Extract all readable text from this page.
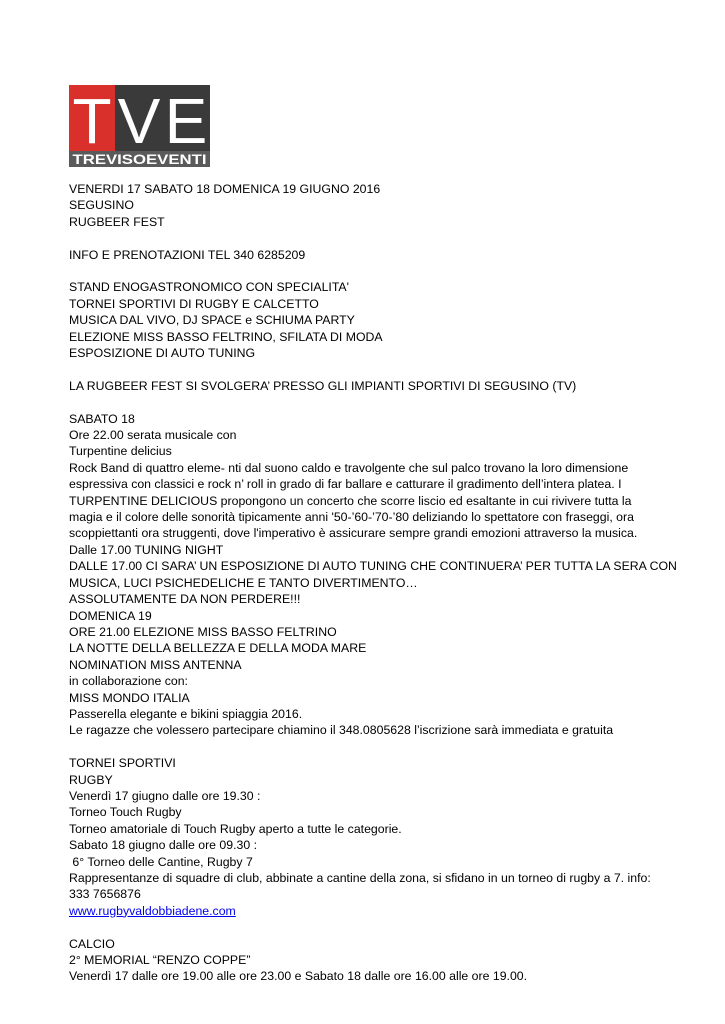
T V E
TREVISOEVENTI
VENERDI 17 SABATO 18 DOMENICA 19 GIUGNO 2016
SEGUSINO
RUGBEER FEST
INFO E PRENOTAZIONI TEL 340 6285209
STAND ENOGASTRONOMICO CON SPECIALITA'
TORNEI SPORTIVI DI RUGBY E CALCETTO
MUSICA DAL VIVO, DJ SPACE e SCHIUMA PARTY
ELEZIONE MISS BASSO FELTRINO, SFILATA DI MODA
ESPOSIZIONE DI AUTO TUNING
LA RUGBEER FEST SI SVOLGERA’ PRESSO GLI IMPIANTI SPORTIVI DI SEGUSINO (TV)
SABATO 18
Ore 22.00 serata musicale con
Turpentine delicius
Rock Band di quattro eleme- nti dal suono caldo e travolgente che sul palco trovano la loro dimensione
espressiva con classici e rock n’ roll in grado di far ballare e catturare il gradimento dell’intera platea. I
TURPENTINE DELICIOUS propongono un concerto che scorre liscio ed esaltante in cui rivivere tutta la
magia e il colore delle sonorità tipicamente anni '50-’60-’70-’80 deliziando lo spettatore con fraseggi, ora
scoppiettanti ora struggenti, dove l'imperativo è assicurare sempre grandi emozioni attraverso la musica.
Dalle 17.00 TUNING NIGHT
DALLE 17.00 CI SARA’ UN ESPOSIZIONE DI AUTO TUNING CHE CONTINUERA’ PER TUTTA LA SERA CON
MUSICA, LUCI PSICHEDELICHE E TANTO DIVERTIMENTO…
ASSOLUTAMENTE DA NON PERDERE!!!
DOMENICA 19
ORE 21.00 ELEZIONE MISS BASSO FELTRINO
LA NOTTE DELLA BELLEZZA E DELLA MODA MARE
NOMINATION MISS ANTENNA
in collaborazione con:
MISS MONDO ITALIA
Passerella elegante e bikini spiaggia 2016.
Le ragazze che volessero partecipare chiamino il 348.0805628 l’iscrizione sarà immediata e gratuita
TORNEI SPORTIVI
RUGBY
Venerdì 17 giugno dalle ore 19.30 :
Torneo Touch Rugby
Torneo amatoriale di Touch Rugby aperto a tutte le categorie.
Sabato 18 giugno dalle ore 09.30 :
6° Torneo delle Cantine, Rugby 7
Rappresentanze di squadre di club, abbinate a cantine della zona, si sfidano in un torneo di rugby a 7. info:
333 7656876
www.rugbyvaldobbiadene.com
CALCIO
2° MEMORIAL “RENZO COPPE”
Venerdì 17 dalle ore 19.00 alle ore 23.00 e Sabato 18 dalle ore 16.00 alle ore 19.00.
